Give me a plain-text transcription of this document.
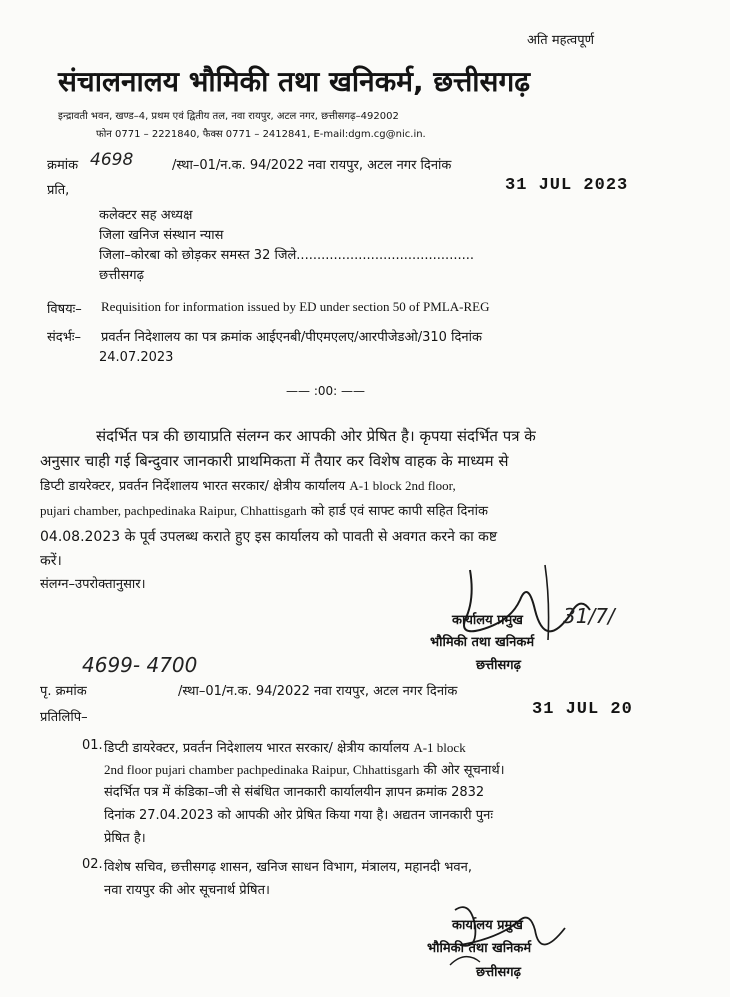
अति महत्वपूर्ण
संचालनालय भौमिकी तथा खनिकर्म, छत्तीसगढ़
इन्द्रावती भवन, खण्ड–4, प्रथम एवं द्वितीय तल, नवा रायपुर, अटल नगर, छत्तीसगढ़–492002
फोन 0771 – 2221840, फैक्स 0771 – 2412841, E-mail:dgm.cg@nic.in.
क्रमांक 4698	/स्था–01/न.क. 94/2022 नवा रायपुर, अटल नगर दिनांक
31 JUL 2023
प्रति,
कलेक्टर सह अध्यक्ष
जिला खनिज संस्थान न्यास
जिला–कोरबा को छोड़कर समस्त 32 जिले...........................................
छत्तीसगढ़
विषयः– Requisition for information issued by ED under section 50 of PMLA-REG
संदर्भः– प्रवर्तन निदेशालय का पत्र क्रमांक आईएनबी/पीएमएलए/आरपीजेडओ/310 दिनांक
24.07.2023
—— :00: ——
संदर्भित पत्र की छायाप्रति संलग्न कर आपकी ओर प्रेषित है। कृपया संदर्भित पत्र के
अनुसार चाही गई बिन्दुवार जानकारी प्राथमिकता में तैयार कर विशेष वाहक के माध्यम से
डिप्टी डायरेक्टर, प्रवर्तन निर्देशालय भारत सरकार/ क्षेत्रीय कार्यालय A-1 block 2nd floor,
pujari chamber, pachpedinaka Raipur, Chhattisgarh को हार्ड एवं साफ्ट कापी सहित दिनांक
04.08.2023 के पूर्व उपलब्ध कराते हुए इस कार्यालय को पावती से अवगत करने का कष्ट
करें।
संलग्न–उपरोक्तानुसार।
कार्यालय प्रमुख 31/7/
भौमिकी तथा खनिकर्म
छत्तीसगढ़
4699- 4700
पृ. क्रमांक	/स्था–01/न.क. 94/2022 नवा रायपुर, अटल नगर दिनांक
31 JUL 20
प्रतिलिपि–
01. डिप्टी डायरेक्टर, प्रवर्तन निदेशालय भारत सरकार/ क्षेत्रीय कार्यालय A-1 block
2nd floor pujari chamber pachpedinaka Raipur, Chhattisgarh की ओर सूचनार्थ।
संदर्भित पत्र में कंडिका–जी से संबंधित जानकारी कार्यालयीन ज्ञापन क्रमांक 2832
दिनांक 27.04.2023 को आपकी ओर प्रेषित किया गया है। अद्यतन जानकारी पुनः
प्रेषित है।
02. विशेष सचिव, छत्तीसगढ़ शासन, खनिज साधन विभाग, मंत्रालय, महानदी भवन,
नवा रायपुर की ओर सूचनार्थ प्रेषित।
कार्यालय प्रमुख
भौमिकी तथा खनिकर्म
छत्तीसगढ़
